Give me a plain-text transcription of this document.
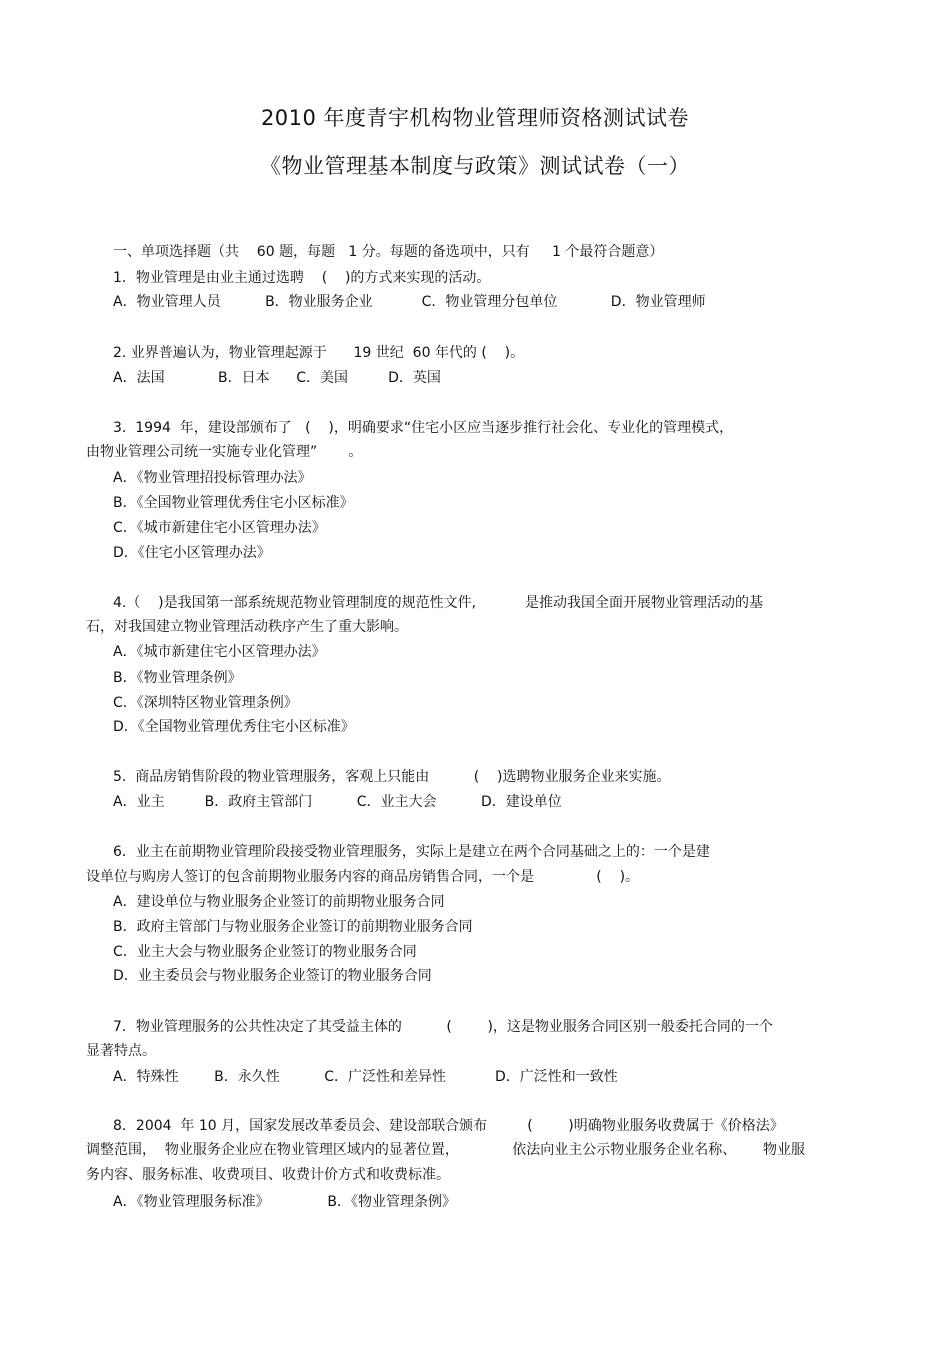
2010 年度青宇机构物业管理师资格测试试卷
《物业管理基本制度与政策》测试试卷（一）
一、单项选择题（共    60 题，每题   1 分。每题的备选项中，只有     1 个最符合题意）
1．物业管理是由业主通过选聘    (    )的方式来实现的活动。
A．物业管理人员          B．物业服务企业           C．物业管理分包单位            D．物业管理师
2. 业界普遍认为，物业管理起源于      19 世纪  60 年代的 (    )。
A．法国            B．日本      C．美国         D．英国
3.  1994  年，建设部颁布了   (    )，明确要求“住宅小区应当逐步推行社会化、专业化的管理模式，
由物业管理公司统一实施专业化管理”       。
A．《物业管理招投标管理办法》
B．《全国物业管理优秀住宅小区标准》
C．《城市新建住宅小区管理办法》
D．《住宅小区管理办法》
4.（    )是我国第一部系统规范物业管理制度的规范性文件,           是推动我国全面开展物业管理活动的基
石，对我国建立物业管理活动秩序产生了重大影响。
A．《城市新建住宅小区管理办法》
B．《物业管理条例》
C．《深圳特区物业管理条例》
D．《全国物业管理优秀住宅小区标准》
5.  商品房销售阶段的物业管理服务，客观上只能由          (    )选聘物业服务企业来实施。
A．业主         B．政府主管部门          C．业主大会          D．建设单位
6．业主在前期物业管理阶段接受物业管理服务，实际上是建立在两个合同基础之上的：一个是建
设单位与购房人签订的包含前期物业服务内容的商品房销售合同，一个是              (    )。
A．建设单位与物业服务企业签订的前期物业服务合同
B．政府主管部门与物业服务企业签订的前期物业服务合同
C．业主大会与物业服务企业签订的物业服务合同
D．业主委员会与物业服务企业签订的物业服务合同
7．物业管理服务的公共性决定了其受益主体的          (        )，这是物业服务合同区别一般委托合同的一个
显著特点。
A．特殊性        B．永久性          C．广泛性和差异性           D．广泛性和一致性
8．2004  年 10 月，国家发展改革委员会、建设部联合颁布         (        )明确物业服务收费属于《价格法》
调整范围，  物业服务企业应在物业管理区域内的显著位置，            依法向业主公示物业服务企业名称、      物业服
务内容、服务标准、收费项目、收费计价方式和收费标准。
A．《物业管理服务标准》             B．《物业管理条例》
